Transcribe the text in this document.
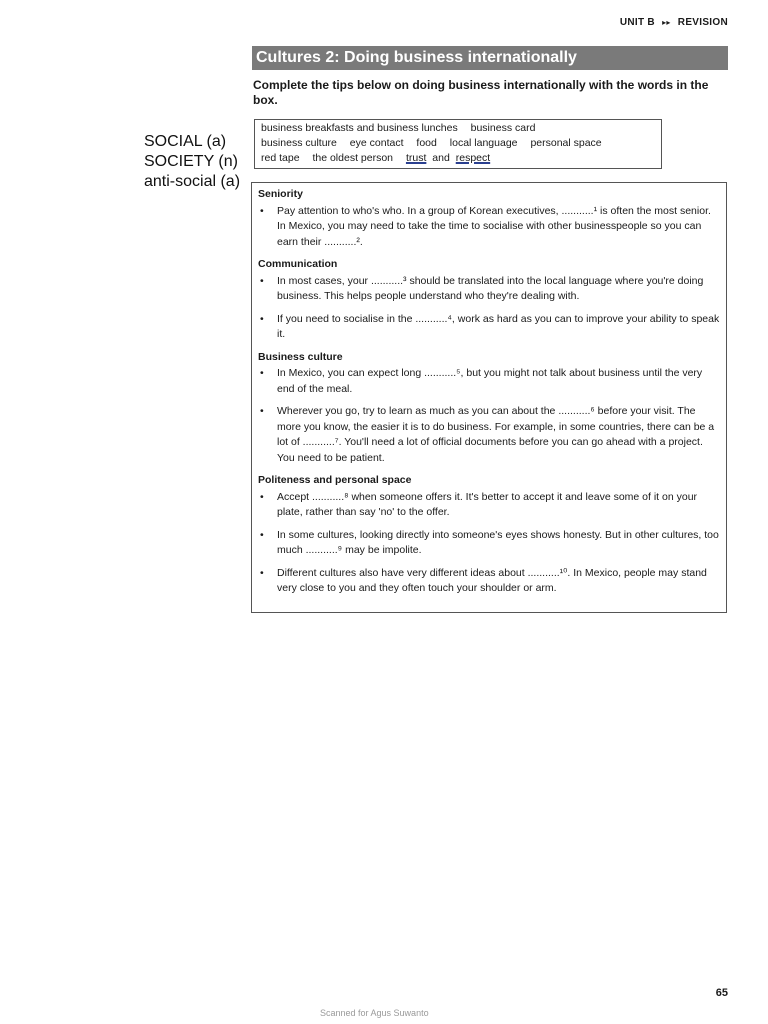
UNIT B ▸▸ REVISION
Cultures 2: Doing business internationally
Complete the tips below on doing business internationally with the words in the box.
SOCIAL (a)
SOCIETY (n)
anti-social (a)
business breakfasts and business lunches business card
business culture eye contact food local language personal space
red tape the oldest person trust and respect
Seniority
• Pay attention to who's who. In a group of Korean executives, ...........¹ is often the most senior. In Mexico, you may need to take the time to socialise with other businesspeople so you can earn their ...........².
Communication
• In most cases, your ...........³ should be translated into the local language where you're doing business. This helps people understand who they're dealing with.
• If you need to socialise in the ...........⁴, work as hard as you can to improve your ability to speak it.
Business culture
• In Mexico, you can expect long ...........⁵, but you might not talk about business until the very end of the meal.
• Wherever you go, try to learn as much as you can about the ...........⁶ before your visit. The more you know, the easier it is to do business. For example, in some countries, there can be a lot of ...........⁷. You'll need a lot of official documents before you can go ahead with a project. You need to be patient.
Politeness and personal space
• Accept ...........⁸ when someone offers it. It's better to accept it and leave some of it on your plate, rather than say 'no' to the offer.
• In some cultures, looking directly into someone's eyes shows honesty. But in other cultures, too much ...........⁹ may be impolite.
• Different cultures also have very different ideas about ...........¹⁰. In Mexico, people may stand very close to you and they often touch your shoulder or arm.
65
Scanned for Agus Suwanto
